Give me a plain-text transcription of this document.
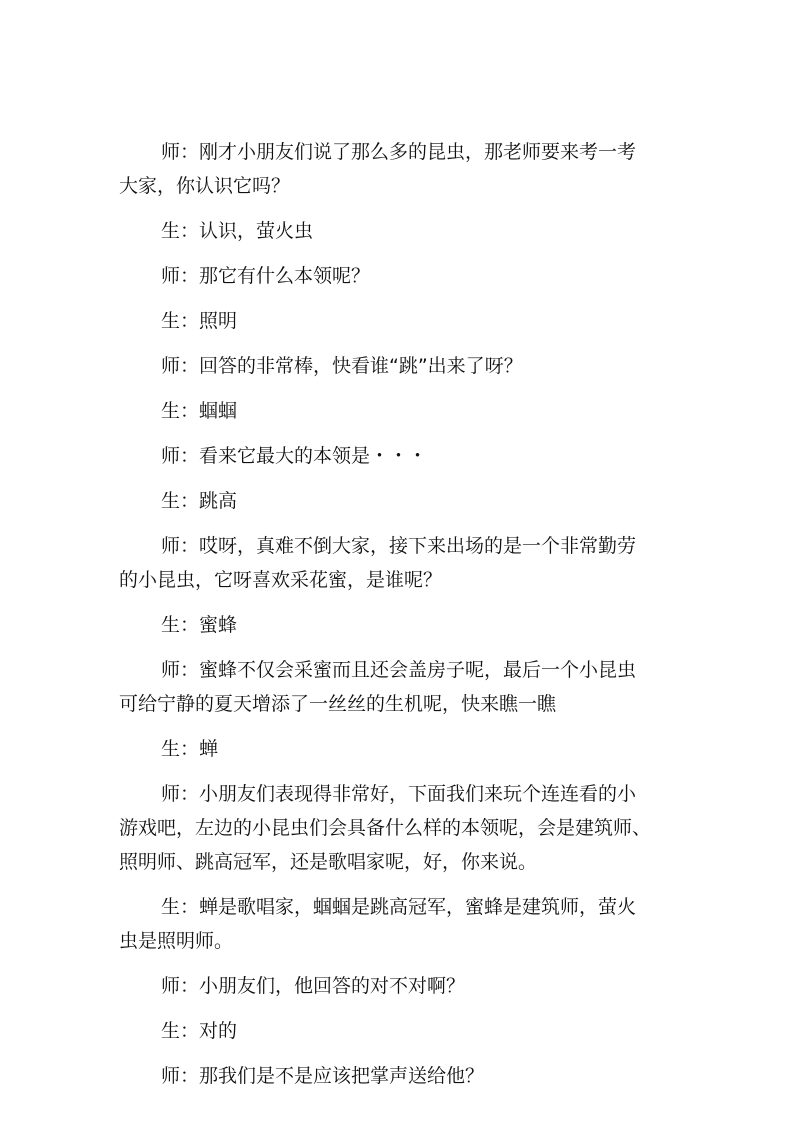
师：刚才小朋友们说了那么多的昆虫，那老师要来考一考
大家，你认识它吗？
生：认识，萤火虫
师：那它有什么本领呢？
生：照明
师：回答的非常棒，快看谁“跳”出来了呀？
生：蝈蝈
师：看来它最大的本领是・・・
生：跳高
师：哎呀，真难不倒大家，接下来出场的是一个非常勤劳
的小昆虫，它呀喜欢采花蜜，是谁呢？
生：蜜蜂
师：蜜蜂不仅会采蜜而且还会盖房子呢，最后一个小昆虫
可给宁静的夏天增添了一丝丝的生机呢，快来瞧一瞧
生：蝉
师：小朋友们表现得非常好，下面我们来玩个连连看的小
游戏吧，左边的小昆虫们会具备什么样的本领呢，会是建筑师、
照明师、跳高冠军，还是歌唱家呢，好，你来说。
生：蝉是歌唱家，蝈蝈是跳高冠军，蜜蜂是建筑师，萤火
虫是照明师。
师：小朋友们，他回答的对不对啊？
生：对的
师：那我们是不是应该把掌声送给他？
